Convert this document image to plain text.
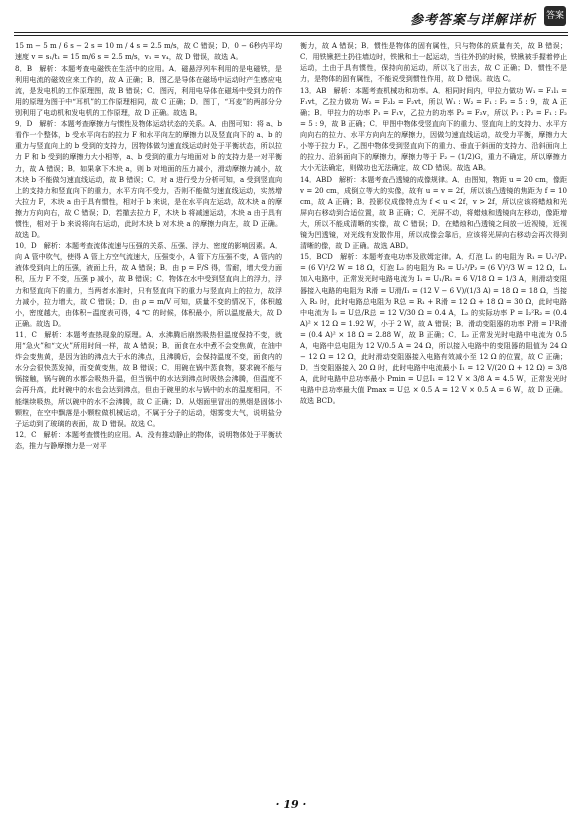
参考答案与详解详析 答案

15 m − 5 m / 6 s − 2 s = 10 m / 4 s = 2.5 m/s，故 C 错误；D．0 − 6秒内平均速度 v = s₁/t₁ = 15 m/6 s = 2.5 m/s，v₁ = v₄，故 D 错误，故选 A。

8．B　解析：本题考查电磁铁在生活中的应用。A．磁悬浮列车利用的是电磁铁，是利用电流的磁效应来工作的，故 A 正确；B．图乙是导体在磁场中运动时产生感应电流，是发电机的工作原理图，故 B 错误；C．图丙，利用电导体在磁场中受到力的作用的原理为图于中“耳机”的工作原理相同，故 C 正确；D．图丁，“耳麦”的两部分分别利用了电动机和发电机的工作原理，故 D 正确。故选 B。

9．D　解析：本题考查摩擦力与惯性及物体运动状态的关系。A．由图可知：将 a、b 看作一个整体，b 受水平向右的拉力 F 和水平向左的摩擦力以及竖直向下的 a、b 的重力与竖直向上的 b 受到的支持力，因物体做匀速直线运动时处于平衡状态，所以拉力 F 和 b 受到的摩擦力大小相等，a、b 受到的重力与地面对 b 的支持力是一对平衡力，故 A 错误；B．如果拿下木块 a，则 b 对地面的压力减小，滑动摩擦力减小，故木块 b 不能做匀速直线运动，故 B 错误；C．对 a 进行受力分析可知，a 受到竖直向上的支持力和竖直向下的重力，水平方向不受力，否则不能做匀速直线运动，实然增大拉力 F，木块 a 由于具有惯性，相对于 b 来说，是在水平向左运动，故木块 a 的摩擦力方向向右，故 C 错误；D．若撤去拉力 F，木块 b 将减速运动，木块 a 由于具有惯性，相对于 b 来说将向右运动，此时木块 b 对木块 a 的摩擦力向左，故 D 正确。故选 D。

10．D　解析：本题考查流体流速与压强的关系、压强、浮力、密度的影响因素。A．向 A 管中吹气，使得 A 管上方空气流速大，压强变小，A 管下方压强不变，A 管内的液体受到向上的压强，液面上升，故 A 错误；B．由 p = F/S 得，雪耐，增大受力面积，压力 F 不变，压强 p 减小，故 B 错误；C．物体在水中受到竖直向上的浮力，浮力和竖直向下的重力，当两者水准时，只有竖直向下的重力与竖直向上的拉力，故浮力减小，拉力增大，故 C 错误；D．由 ρ = m/V 可知，质量不变的情况下，体积越小，密度越大，由体积−温度表可得，4 ℃ 的时候，体积最小，所以温度最大，故 D 正确。故选 D。

11．C　解析：本题考查热现象的原理。A．水沸腾后崩然吸热但温度保持不变，就用“急火”和“文火”所用时间一样，故 A 错误；B．面食在水中煮不会变焦黄，在油中炸会变焦黄，是因为油的沸点大于水的沸点，且沸腾后，会保持温度不变，面食内的水分会很快蒸发掉，而变黄变焦，故 B 错误；C．用碗在锅中蒸食物，要求碗不能与锅接触，锅与碗的水都会吸热升温，但当锅中的水达到沸点时吸热会沸腾，但温度不会再升高，此时碗中的水也会达到沸点，但由于碗里的水与锅中的水的温度相同，不能继续吸热，所以碗中的水不会沸腾，故 C 正确；D．从烟面里冒出的黑烟是固体小颗粒，在空中飘落是小颗粒做机械运动，不属于分子的运动，烟雾变大气，说明盐分子运动到了玻璃的表面，故 D 错误。故选 C。

12．C　解析：本题考查惯性的应用。A．没有推动静止的物体，说明物体处于平衡状态，推力与静摩擦力是一对平

衡力，故 A 错误；B．惯性是物体的固有属性，只与物体的质量有关，故 B 错误；C．用铁锹把土扔往墙边时，铁锹和土一起运动，当往外扔的时候，铁锹被手握着停止运动，土由于具有惯性，保持向前运动，所以飞了出去，故 C 正确；D．惯性不是力，是物体的固有属性，不能说受到惯性作用，故 D 错误。故选 C。

13．AB　解析：本题考查机械功和功率。A．相同时间内，甲拉力做功 W₁ = F₁l₁ = F₁vt，乙拉力做功 W₂ = F₂l₂ = F₂vt，所以 W₁ : W₂ = F₁ : F₂ = 5 : 9，故 A 正确；B．甲拉力的功率 P₁ = F₁v，乙拉力的功率 P₂ = F₂v，所以 P₁ : P₂ = F₁ : F₂ = 5 : 9，故 B 正确；C．甲图中物体受竖直向下的重力、竖直向上的支持力、水平方向向右的拉力、水平方向向左的摩擦力，因做匀速直线运动，故受力平衡，摩擦力大小等于拉力 F₁，乙图中物体受到竖直向下的重力、垂直于斜面的支持力、沿斜面向上的拉力、沿斜面向下的摩擦力，摩擦力等于 F₂ − (1/2)G，重力不确定，所以摩擦力大小无法确定，则做功也无法确定，故 CD 错误。故选 AB。

14．ABD　解析：本题考查凸透镜的成像规律。A．由图知，物距 u = 20 cm，像距 v = 20 cm，成倒立等大的实像，故有 u = v = 2f，所以该凸透镜的焦距为 f = 10 cm，故 A 正确；B．投影仪成像特点为 f < u < 2f，v > 2f，所以应该将蜡烛和光屏向右移动到合适位置，故 B 正确；C．光屏不动，将蜡烛和透镜向左移动，像距增大，所以不能成清晰的实像，故 C 错误；D．在蜡烛和凸透镜之间放一近视镜，近视镜为凹透镜，对光线有发散作用，所以成像会靠后，应该将光屏向右移动会再次得到清晰的像，故 D 正确。故选 ABD。

15．BCD　解析：本题考查电功率及欧姆定律。A．灯泡 L₁ 的电阻为 R₁ = U₁²/P₁ = (6 V)²/2 W = 18 Ω，灯泡 L₂ 的电阻为 R₂ = U₂²/P₂ = (6 V)²/3 W = 12 Ω，L₁ 加入电路中，正常发光时电路电流为 I₁ = U₁/R₁ = 6 V/18 Ω = 1/3 A，则滑动变阻器接入电路的电阻为 R滑 = U滑/I₁ = (12 V − 6 V)/(1/3 A) = 18 Ω = 18 Ω，当接入 R₂ 时，此时电路总电阻为 R总 = R₁ + R滑 = 12 Ω + 18 Ω = 30 Ω，此时电路中电流为 I₂ = U总/R总 = 12 V/30 Ω = 0.4 A，L₂ 的实际功率 P = I₂²R₂ = (0.4 A)² × 12 Ω = 1.92 W，小于 2 W，故 A 错误；B．滑动变阻器的功率 P滑 = I²R滑 = (0.4 A)² × 18 Ω = 2.88 W，故 B 正确；C．L₂ 正常发光时电路中电流为 0.5 A，电路中总电阻为 12 V/0.5 A = 24 Ω，所以接入电路中的变阻器的阻值为 24 Ω − 12 Ω = 12 Ω，此时滑动变阻器接入电路有效减小至 12 Ω 的位置，故 C 正确；D．当变阻器接入 20 Ω 时，此时电路中电流最小 I₁ = 12 V/(20 Ω + 12 Ω) = 3/8 A，此时电路中总功率最小 Pmin = U总I₁ = 12 V × 3/8 A = 4.5 W，正常发光时电路中总功率最大值 Pmax = U总 × 0.5 A = 12 V × 0.5 A = 6 W，故 D 正确。故选 BCD。

· 19 ·
